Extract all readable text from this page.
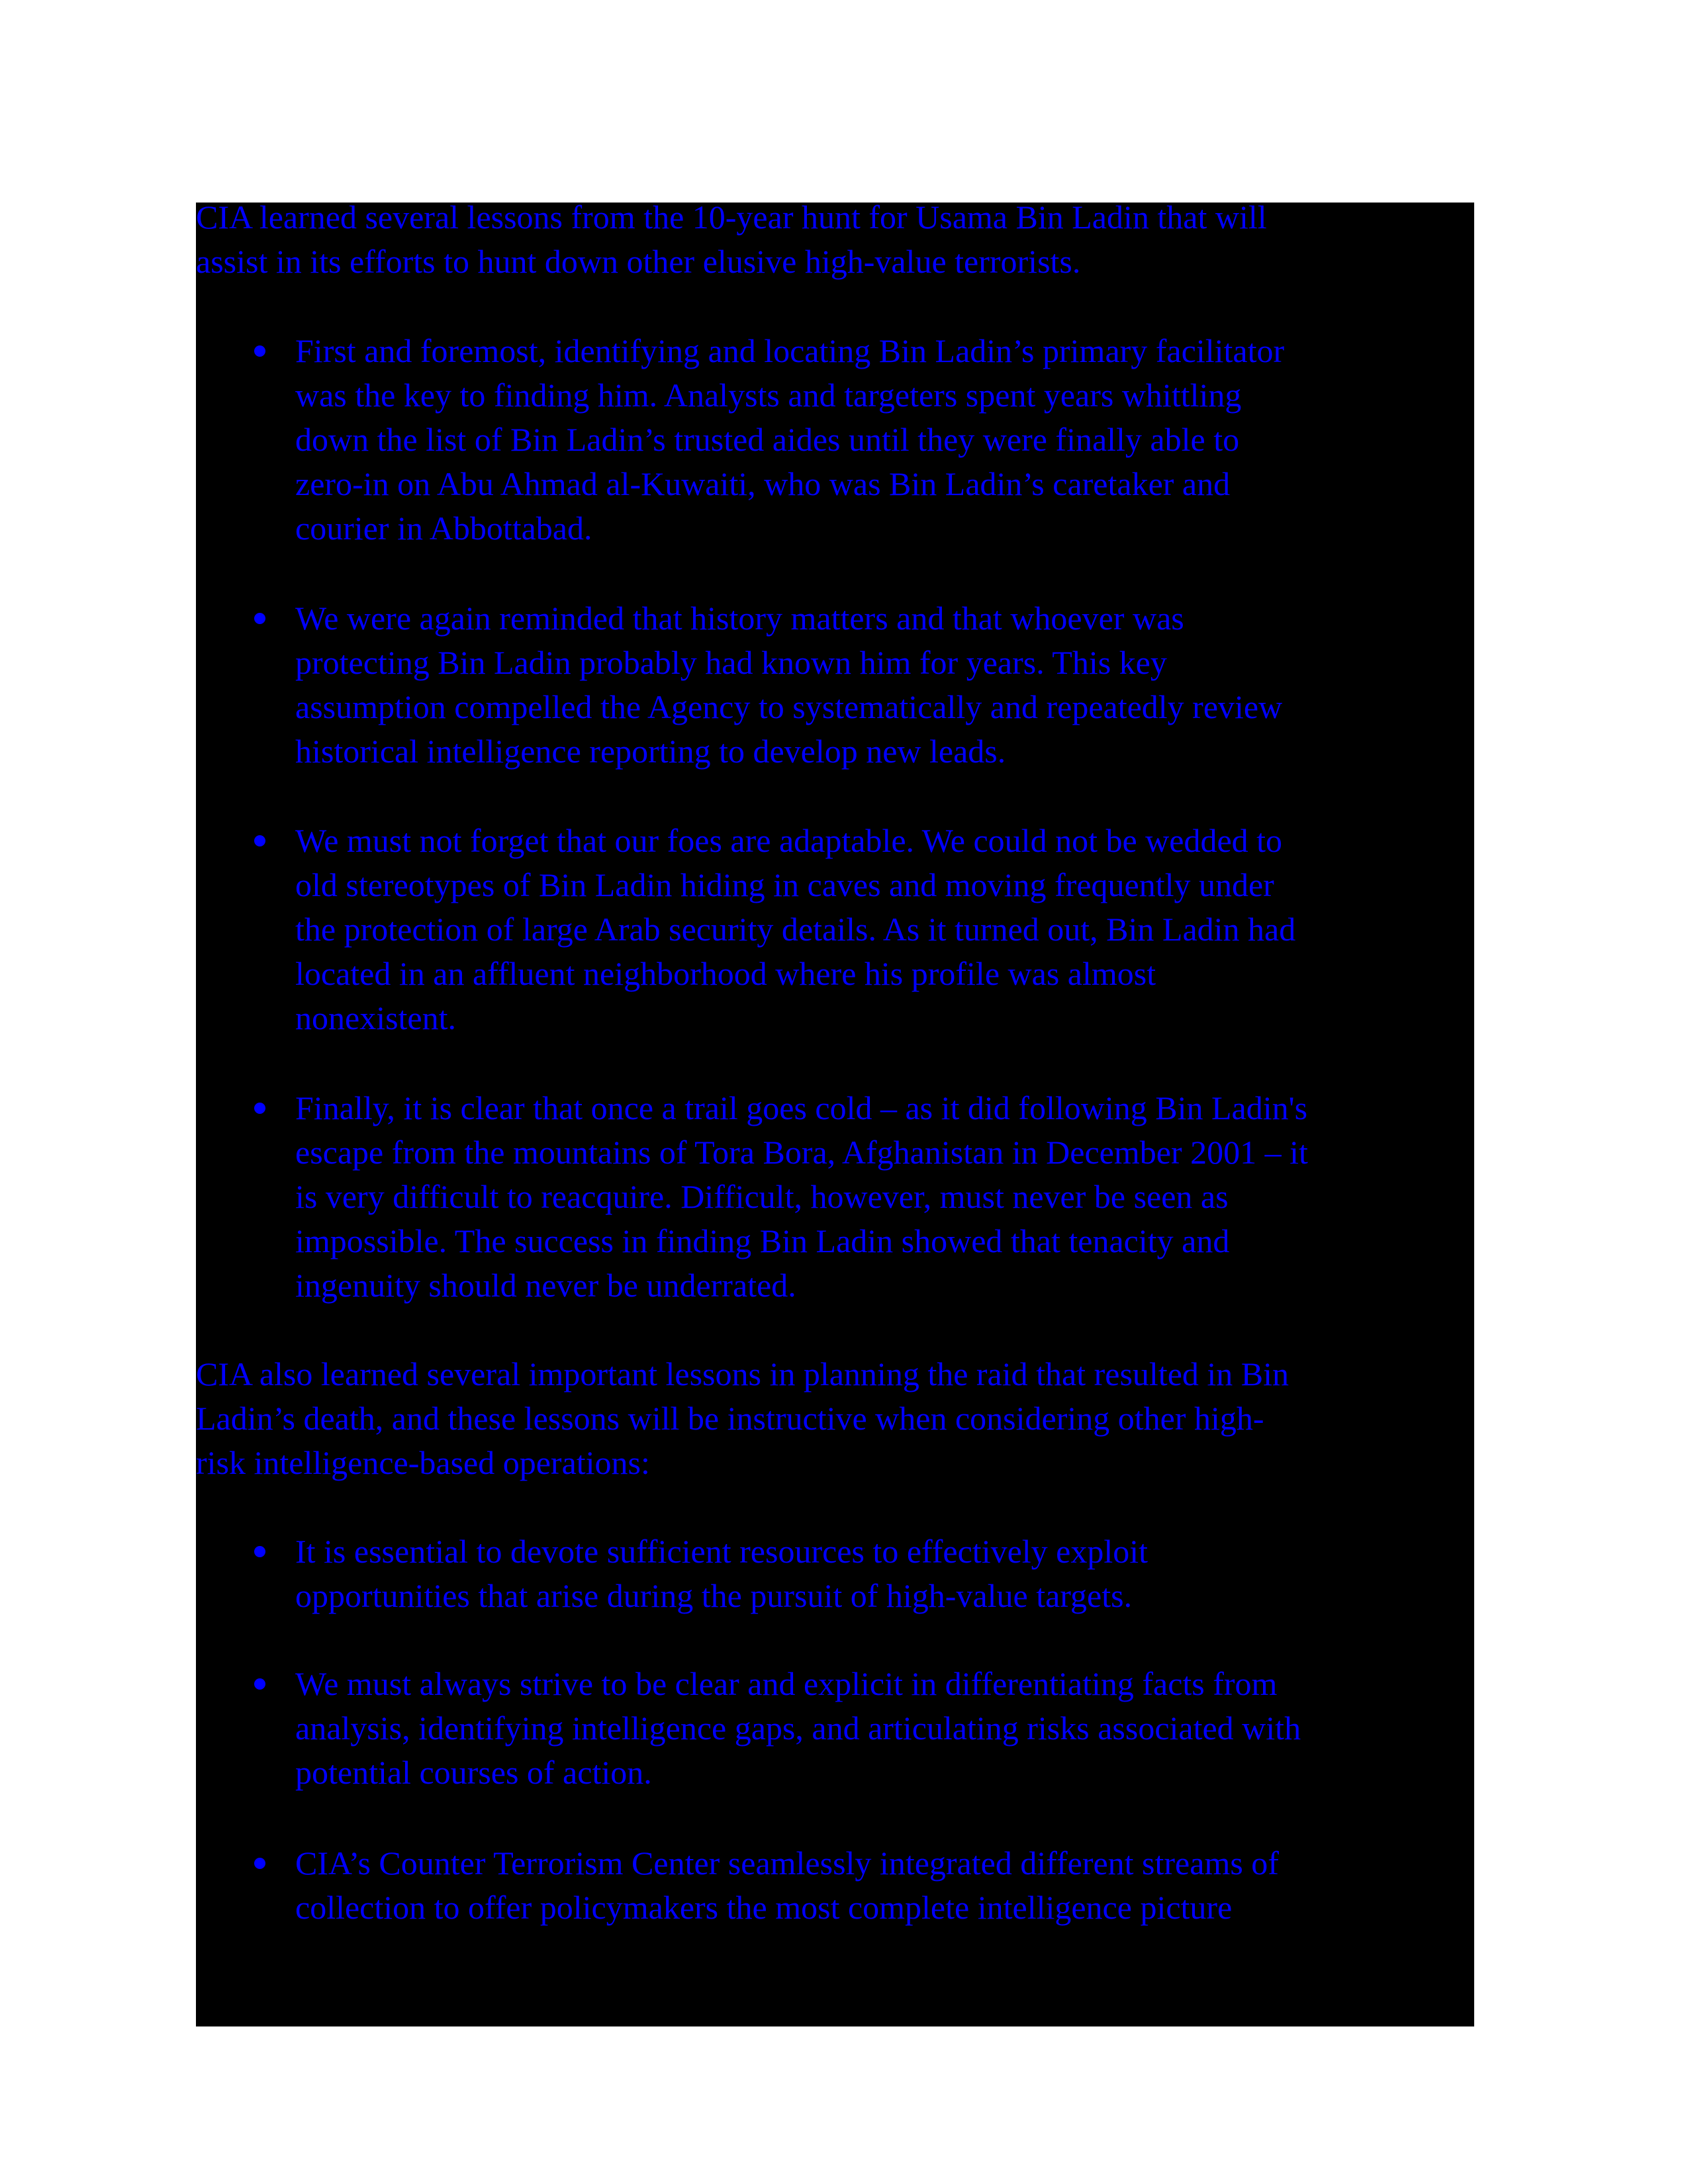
CIA learned several lessons from the 10-year hunt for Usama Bin Ladin that will
assist in its efforts to hunt down other elusive high-value terrorists.
First and foremost, identifying and locating Bin Ladin’s primary facilitator
was the key to finding him. Analysts and targeters spent years whittling
down the list of Bin Ladin’s trusted aides until they were finally able to
zero-in on Abu Ahmad al-Kuwaiti, who was Bin Ladin’s caretaker and
courier in Abbottabad.
We were again reminded that history matters and that whoever was
protecting Bin Ladin probably had known him for years. This key
assumption compelled the Agency to systematically and repeatedly review
historical intelligence reporting to develop new leads.
We must not forget that our foes are adaptable. We could not be wedded to
old stereotypes of Bin Ladin hiding in caves and moving frequently under
the protection of large Arab security details. As it turned out, Bin Ladin had
located in an affluent neighborhood where his profile was almost
nonexistent.
Finally, it is clear that once a trail goes cold – as it did following Bin Ladin's
escape from the mountains of Tora Bora, Afghanistan in December 2001 – it
is very difficult to reacquire. Difficult, however, must never be seen as
impossible. The success in finding Bin Ladin showed that tenacity and
ingenuity should never be underrated.
CIA also learned several important lessons in planning the raid that resulted in Bin
Ladin’s death, and these lessons will be instructive when considering other high-
risk intelligence-based operations:
It is essential to devote sufficient resources to effectively exploit
opportunities that arise during the pursuit of high-value targets.
We must always strive to be clear and explicit in differentiating facts from
analysis, identifying intelligence gaps, and articulating risks associated with
potential courses of action.
CIA’s Counter Terrorism Center seamlessly integrated different streams of
collection to offer policymakers the most complete intelligence picture
